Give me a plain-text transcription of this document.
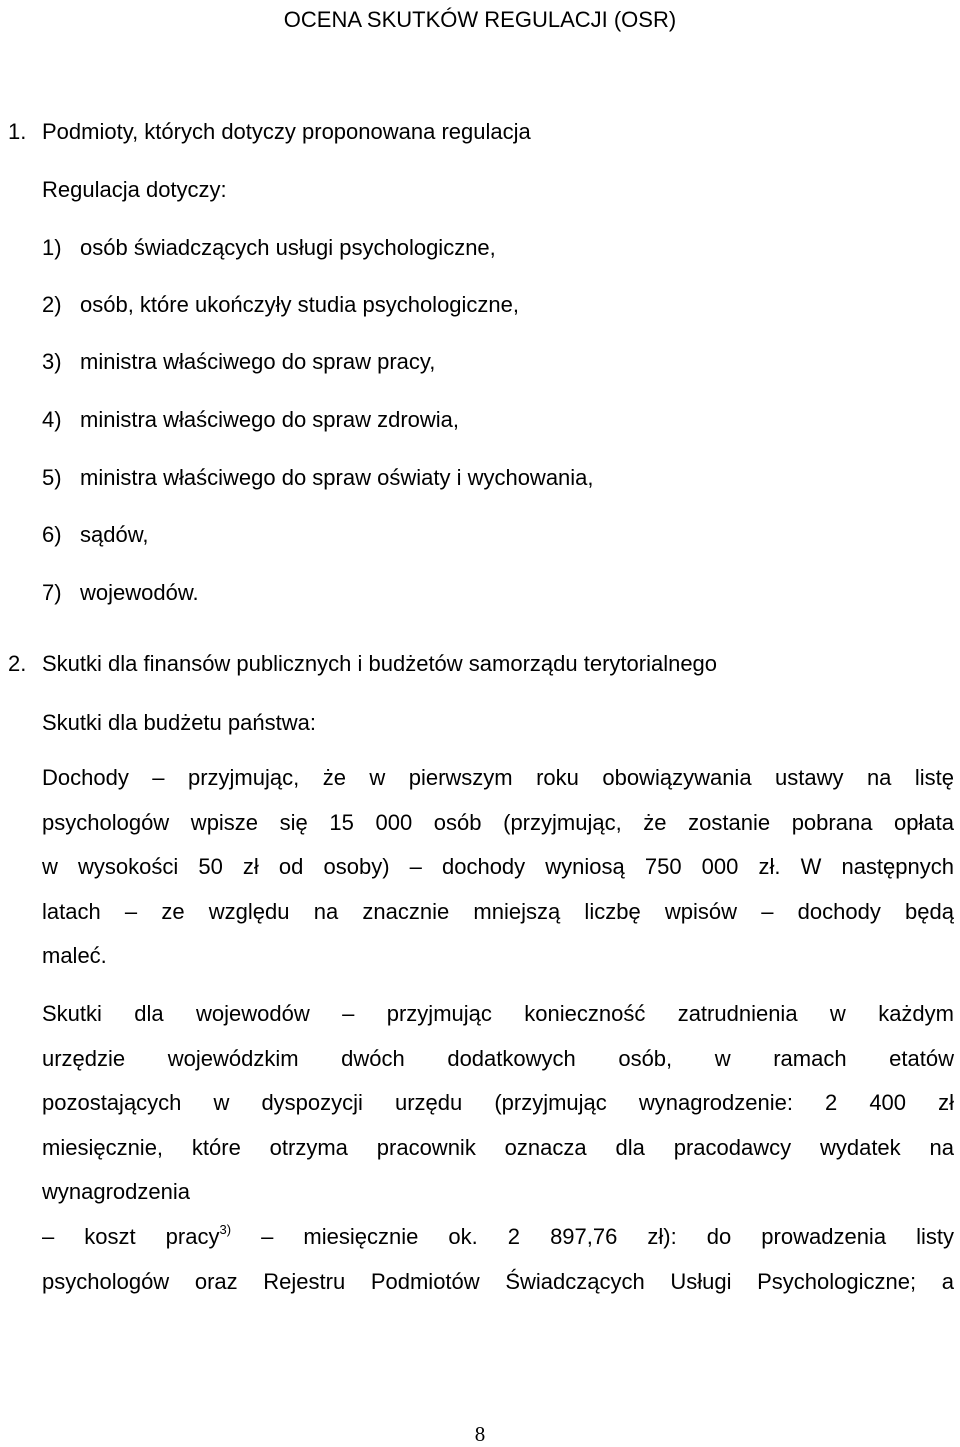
OCENA SKUTKÓW REGULACJI (OSR)
1. Podmioty, których dotyczy proponowana regulacja
Regulacja dotyczy:
1) osób świadczących usługi psychologiczne,
2) osób, które ukończyły studia psychologiczne,
3) ministra właściwego do spraw pracy,
4) ministra właściwego do spraw zdrowia,
5) ministra właściwego do spraw oświaty i wychowania,
6) sądów,
7) wojewodów.
2. Skutki dla finansów publicznych i budżetów samorządu terytorialnego
Skutki dla budżetu państwa:
Dochody – przyjmując, że w pierwszym roku obowiązywania ustawy na listę
psychologów wpisze się 15 000 osób (przyjmując, że zostanie pobrana opłata
w wysokości 50 zł od osoby) – dochody wyniosą 750 000 zł. W następnych
latach – ze względu na znacznie mniejszą liczbę wpisów – dochody będą
maleć.
Skutki dla wojewodów – przyjmując konieczność zatrudnienia w każdym
urzędzie wojewódzkim dwóch dodatkowych osób, w ramach etatów
pozostających w dyspozycji urzędu (przyjmując wynagrodzenie: 2 400 zł
miesięcznie, które otrzyma pracownik oznacza dla pracodawcy wydatek na
wynagrodzenia
– koszt pracy$^{3)}$ – miesięcznie ok. 2 897,76 zł): do prowadzenia listy
psychologów oraz Rejestru Podmiotów Świadczących Usługi Psychologiczne; a
8
